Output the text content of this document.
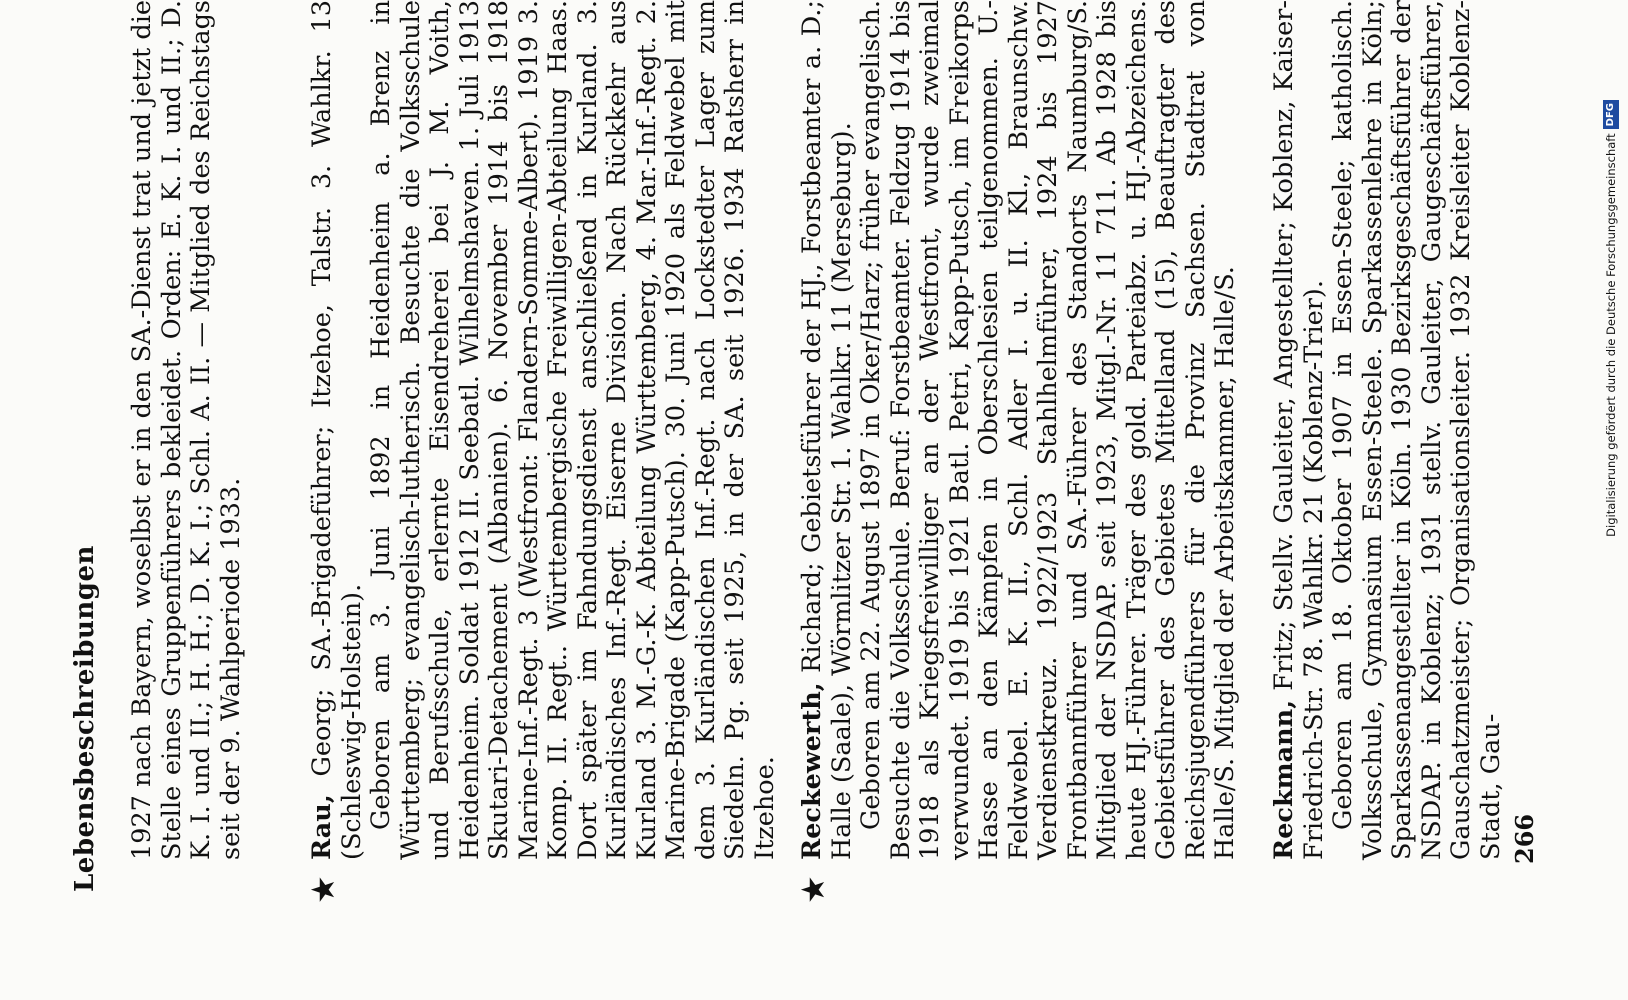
Lebensbeschreibungen 1927 nach Bayern, woselbst er in den SA.-Dienst trat und jetzt die Stelle eines Gruppenführers bekleidet. Orden: E. K. I. und II.; D. K. I. und II.; H. H.; D. K. I.; Schl. A. II. — Mitglied des Reichstags seit der 9. Wahlperiode 1933.

★

Rau, Georg; SA.-Brigadeführer; Itzehoe, Talstr. 3. Wahlkr. 13 (Schleswig-Holstein). Geboren am 3. Juni 1892 in Heidenheim a. Brenz in Württemberg; evangelisch-lutherisch. Besuchte die Volksschule und Berufsschule, erlernte Eisendreherei bei J. M. Voith, Heidenheim. Soldat 1912 II. Seebatl. Wilhelmshaven. 1. Juli 1913 Skutari-Detachement (Albanien). 6. November 1914 bis 1918 Marine-Inf.-Regt. 3 (Westfront: Flandern-Somme-Albert). 1919 3. Komp. II. Regt.. Württembergische Freiwilligen-Abteilung Haas. Dort später im Fahndungsdienst anschließend in Kurland. 3. Kurländisches Inf.-Regt. Eiserne Division. Nach Rückkehr aus Kurland 3. M.-G.-K. Abteilung Württemberg, 4. Mar.-Inf.-Regt. 2. Marine-Brigade (Kapp-Putsch). 30. Juni 1920 als Feldwebel mit dem 3. Kurländischen Inf.-Regt. nach Lockstedter Lager zum Siedeln. Pg. seit 1925, in der SA. seit 1926. 1934 Ratsherr in Itzehoe.

★

Reckewerth, Richard; Gebietsführer der HJ., Forstbeamter a. D.; Halle (Saale), Wörmlitzer Str. 1. Wahlkr. 11 (Merseburg). Geboren am 22. August 1897 in Oker/Harz; früher evangelisch. Besuchte die Volksschule. Beruf: Forstbeamter. Feldzug 1914 bis 1918 als Kriegsfreiwilliger an der Westfront, wurde zweimal verwundet. 1919 bis 1921 Batl. Petri, Kapp-Putsch, im Freikorps Hasse an den Kämpfen in Oberschlesien teilgenommen. U.-Feldwebel. E. K. II., Schl. Adler I. u. II. Kl., Braunschw. Verdienstkreuz. 1922/1923 Stahlhelmführer, 1924 bis 1927 Frontbannführer und SA.-Führer des Standorts Naumburg/S. Mitglied der NSDAP. seit 1923, Mitgl.-Nr. 11 711. Ab 1928 bis heute HJ.-Führer. Träger des gold. Parteiabz. u. HJ.-Abzeichens. Gebietsführer des Gebietes Mittelland (15), Beauftragter des Reichsjugendführers für die Provinz Sachsen. Stadtrat von Halle/S. Mitglied der Arbeitskammer, Halle/S. Reckmann, Fritz; Stellv. Gauleiter, Angestellter; Koblenz, Kaiser-Friedrich-Str. 78. Wahlkr. 21 (Koblenz-Trier). Geboren am 18. Oktober 1907 in Essen-Steele; katholisch. Volksschule, Gymnasium Essen-Steele. Sparkassenlehre in Köln; Sparkassenangestellter in Köln. 1930 Bezirksgeschäftsführer der NSDAP. in Koblenz; 1931 stellv. Gauleiter, Gaugeschäftsführer, Gauschatzmeister; Organisationsleiter. 1932 Kreisleiter Koblenz-Stadt, Gau- 266
Digitalisierung gefördert durch die Deutsche Forschungsgemeinschaft
DFG
